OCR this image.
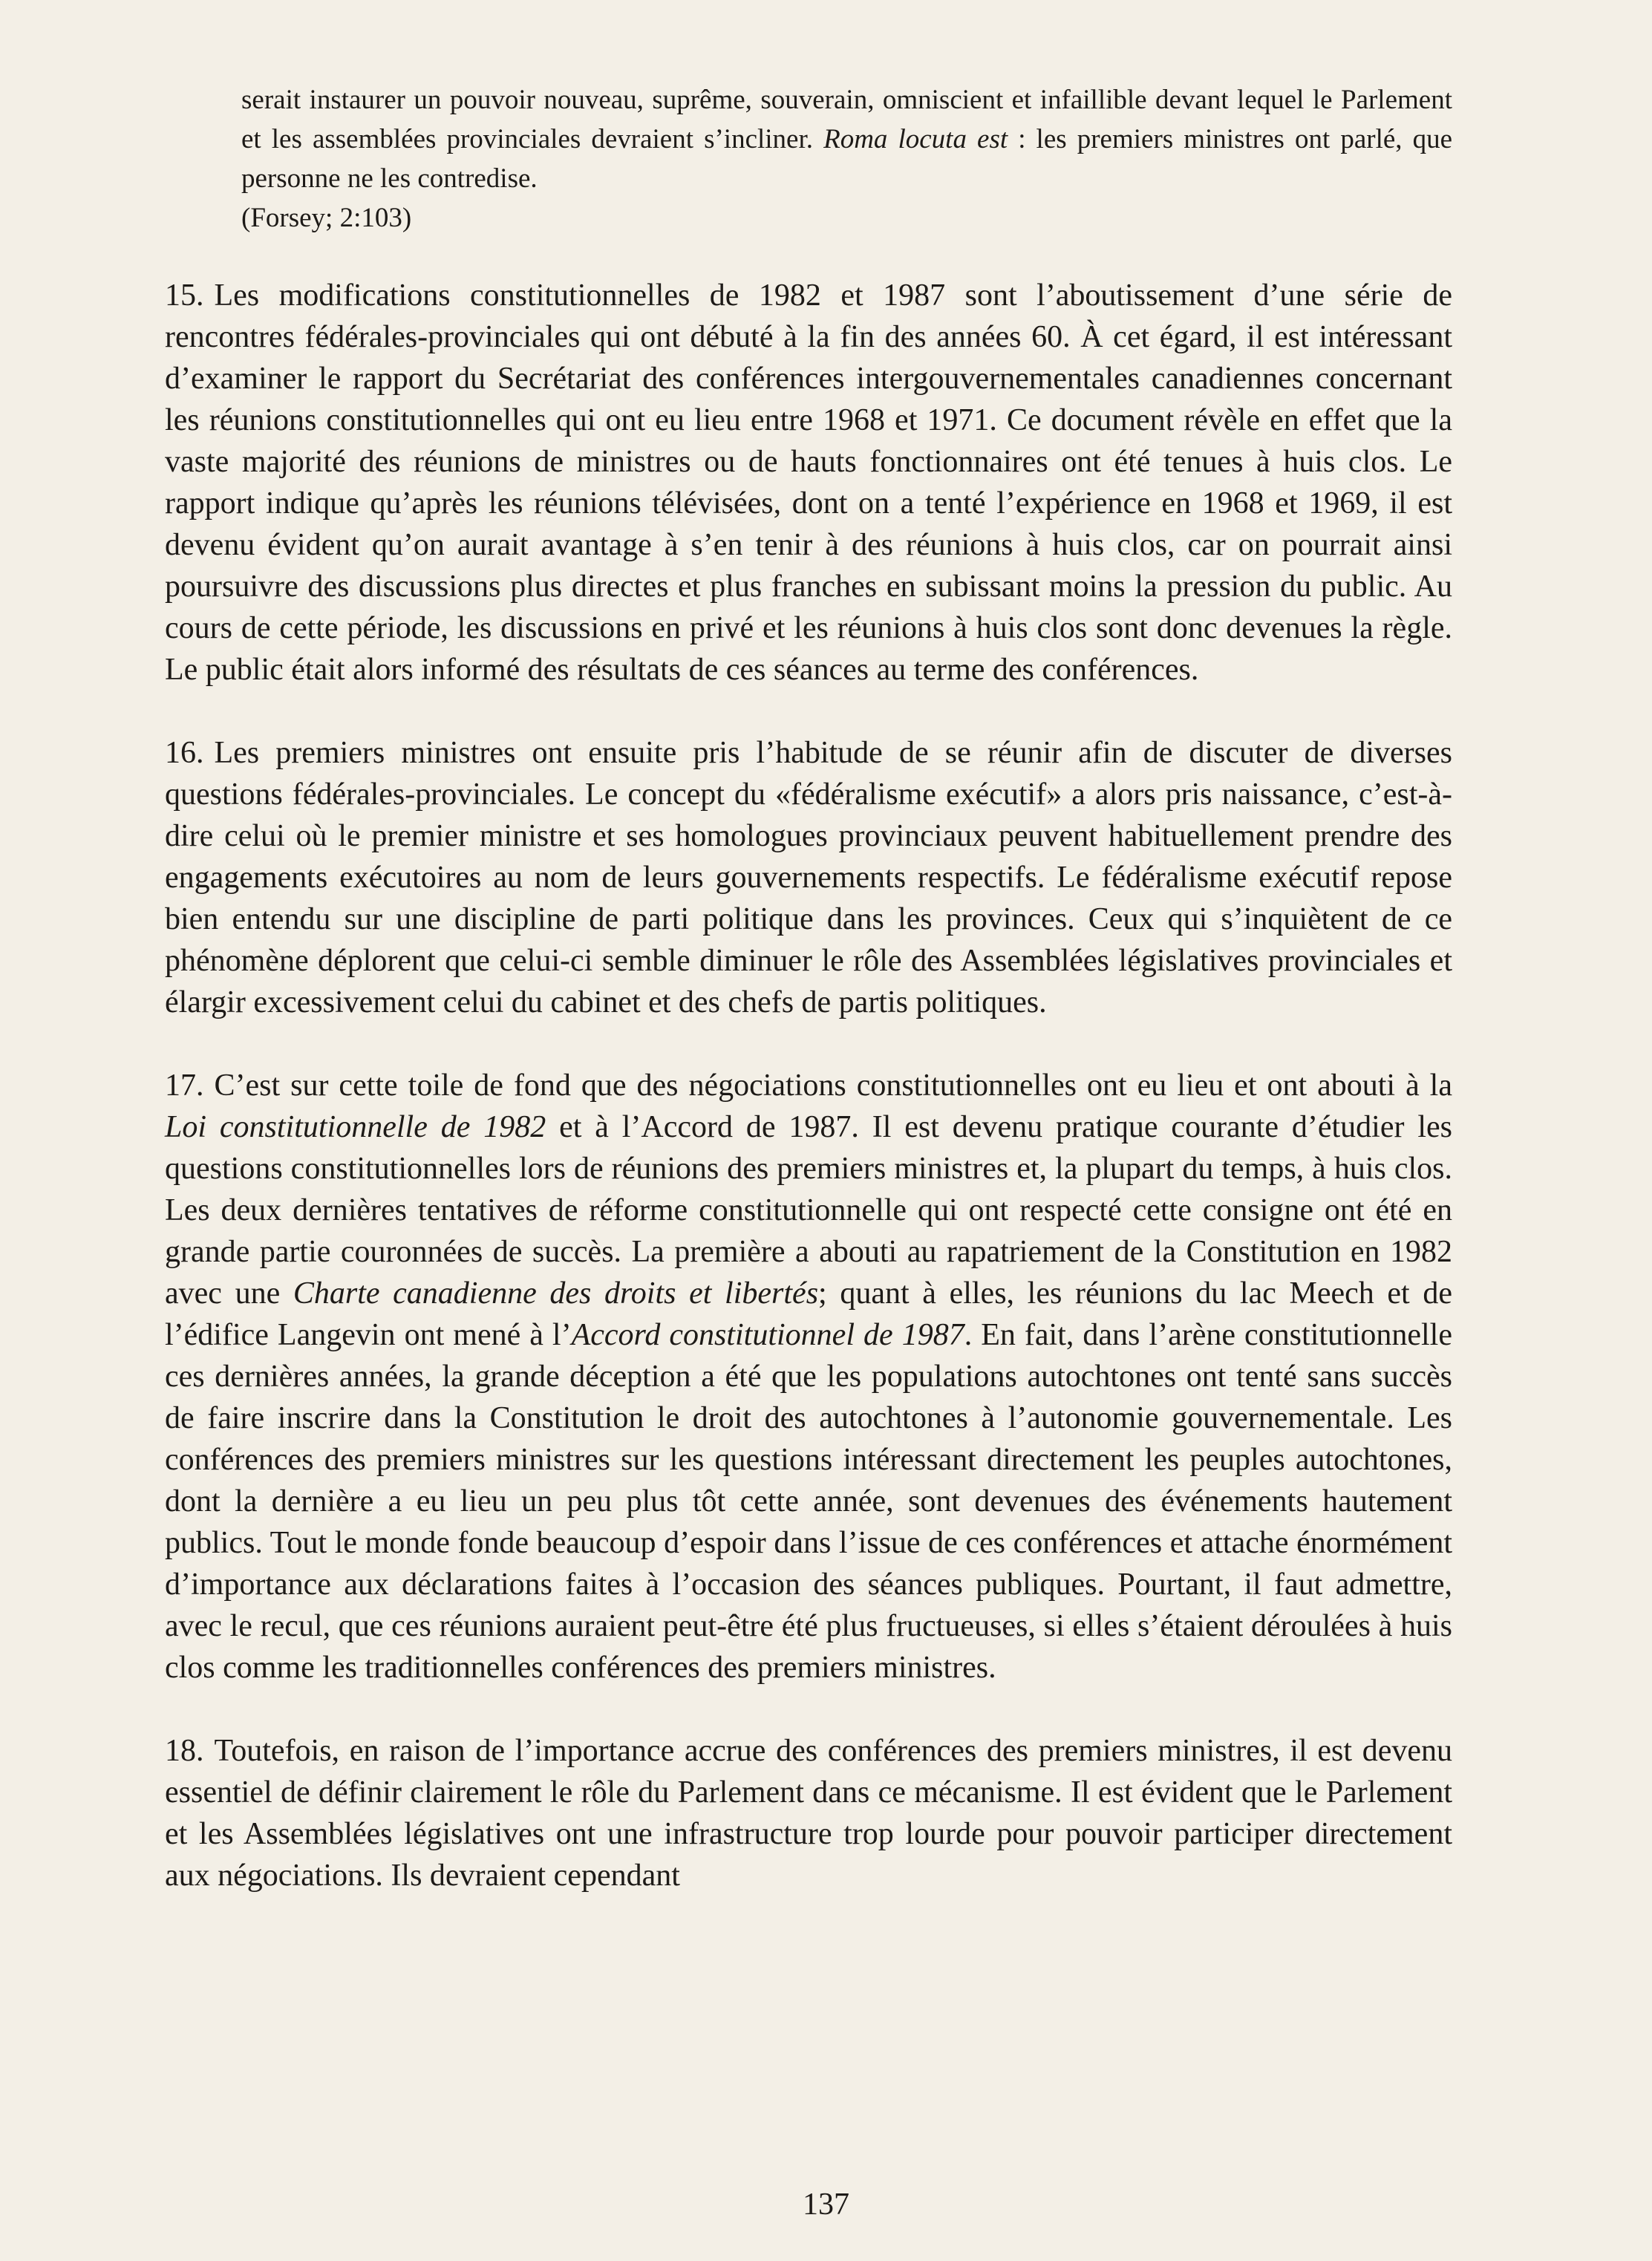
serait instaurer un pouvoir nouveau, suprême, souverain, omniscient et infaillible devant lequel le Parlement et les assemblées provinciales devraient s’incliner. Roma locuta est : les premiers ministres ont parlé, que personne ne les contredise.

(Forsey; 2:103)

15. Les modifications constitutionnelles de 1982 et 1987 sont l’aboutissement d’une série de rencontres fédérales-provinciales qui ont débuté à la fin des années 60. À cet égard, il est intéressant d’examiner le rapport du Secrétariat des conférences intergouvernementales canadiennes concernant les réunions constitutionnelles qui ont eu lieu entre 1968 et 1971. Ce document révèle en effet que la vaste majorité des réunions de ministres ou de hauts fonctionnaires ont été tenues à huis clos. Le rapport indique qu’après les réunions télévisées, dont on a tenté l’expérience en 1968 et 1969, il est devenu évident qu’on aurait avantage à s’en tenir à des réunions à huis clos, car on pourrait ainsi poursuivre des discussions plus directes et plus franches en subissant moins la pression du public. Au cours de cette période, les discussions en privé et les réunions à huis clos sont donc devenues la règle. Le public était alors informé des résultats de ces séances au terme des conférences.

16. Les premiers ministres ont ensuite pris l’habitude de se réunir afin de discuter de diverses questions fédérales-provinciales. Le concept du «fédéralisme exécutif» a alors pris naissance, c’est-à-dire celui où le premier ministre et ses homologues provinciaux peuvent habituellement prendre des engagements exécutoires au nom de leurs gouvernements respectifs. Le fédéralisme exécutif repose bien entendu sur une discipline de parti politique dans les provinces. Ceux qui s’inquiètent de ce phénomène déplorent que celui-ci semble diminuer le rôle des Assemblées législatives provinciales et élargir excessivement celui du cabinet et des chefs de partis politiques.

17. C’est sur cette toile de fond que des négociations constitutionnelles ont eu lieu et ont abouti à la Loi constitutionnelle de 1982 et à l’Accord de 1987. Il est devenu pratique courante d’étudier les questions constitutionnelles lors de réunions des premiers ministres et, la plupart du temps, à huis clos. Les deux dernières tentatives de réforme constitutionnelle qui ont respecté cette consigne ont été en grande partie couronnées de succès. La première a abouti au rapatriement de la Constitution en 1982 avec une Charte canadienne des droits et libertés; quant à elles, les réunions du lac Meech et de l’édifice Langevin ont mené à l’Accord constitutionnel de 1987. En fait, dans l’arène constitutionnelle ces dernières années, la grande déception a été que les populations autochtones ont tenté sans succès de faire inscrire dans la Constitution le droit des autochtones à l’autonomie gouvernementale. Les conférences des premiers ministres sur les questions intéressant directement les peuples autochtones, dont la dernière a eu lieu un peu plus tôt cette année, sont devenues des événements hautement publics. Tout le monde fonde beaucoup d’espoir dans l’issue de ces conférences et attache énormément d’importance aux déclarations faites à l’occasion des séances publiques. Pourtant, il faut admettre, avec le recul, que ces réunions auraient peut-être été plus fructueuses, si elles s’étaient déroulées à huis clos comme les traditionnelles conférences des premiers ministres.

18. Toutefois, en raison de l’importance accrue des conférences des premiers ministres, il est devenu essentiel de définir clairement le rôle du Parlement dans ce mécanisme. Il est évident que le Parlement et les Assemblées législatives ont une infrastructure trop lourde pour pouvoir participer directement aux négociations. Ils devraient cependant

137
